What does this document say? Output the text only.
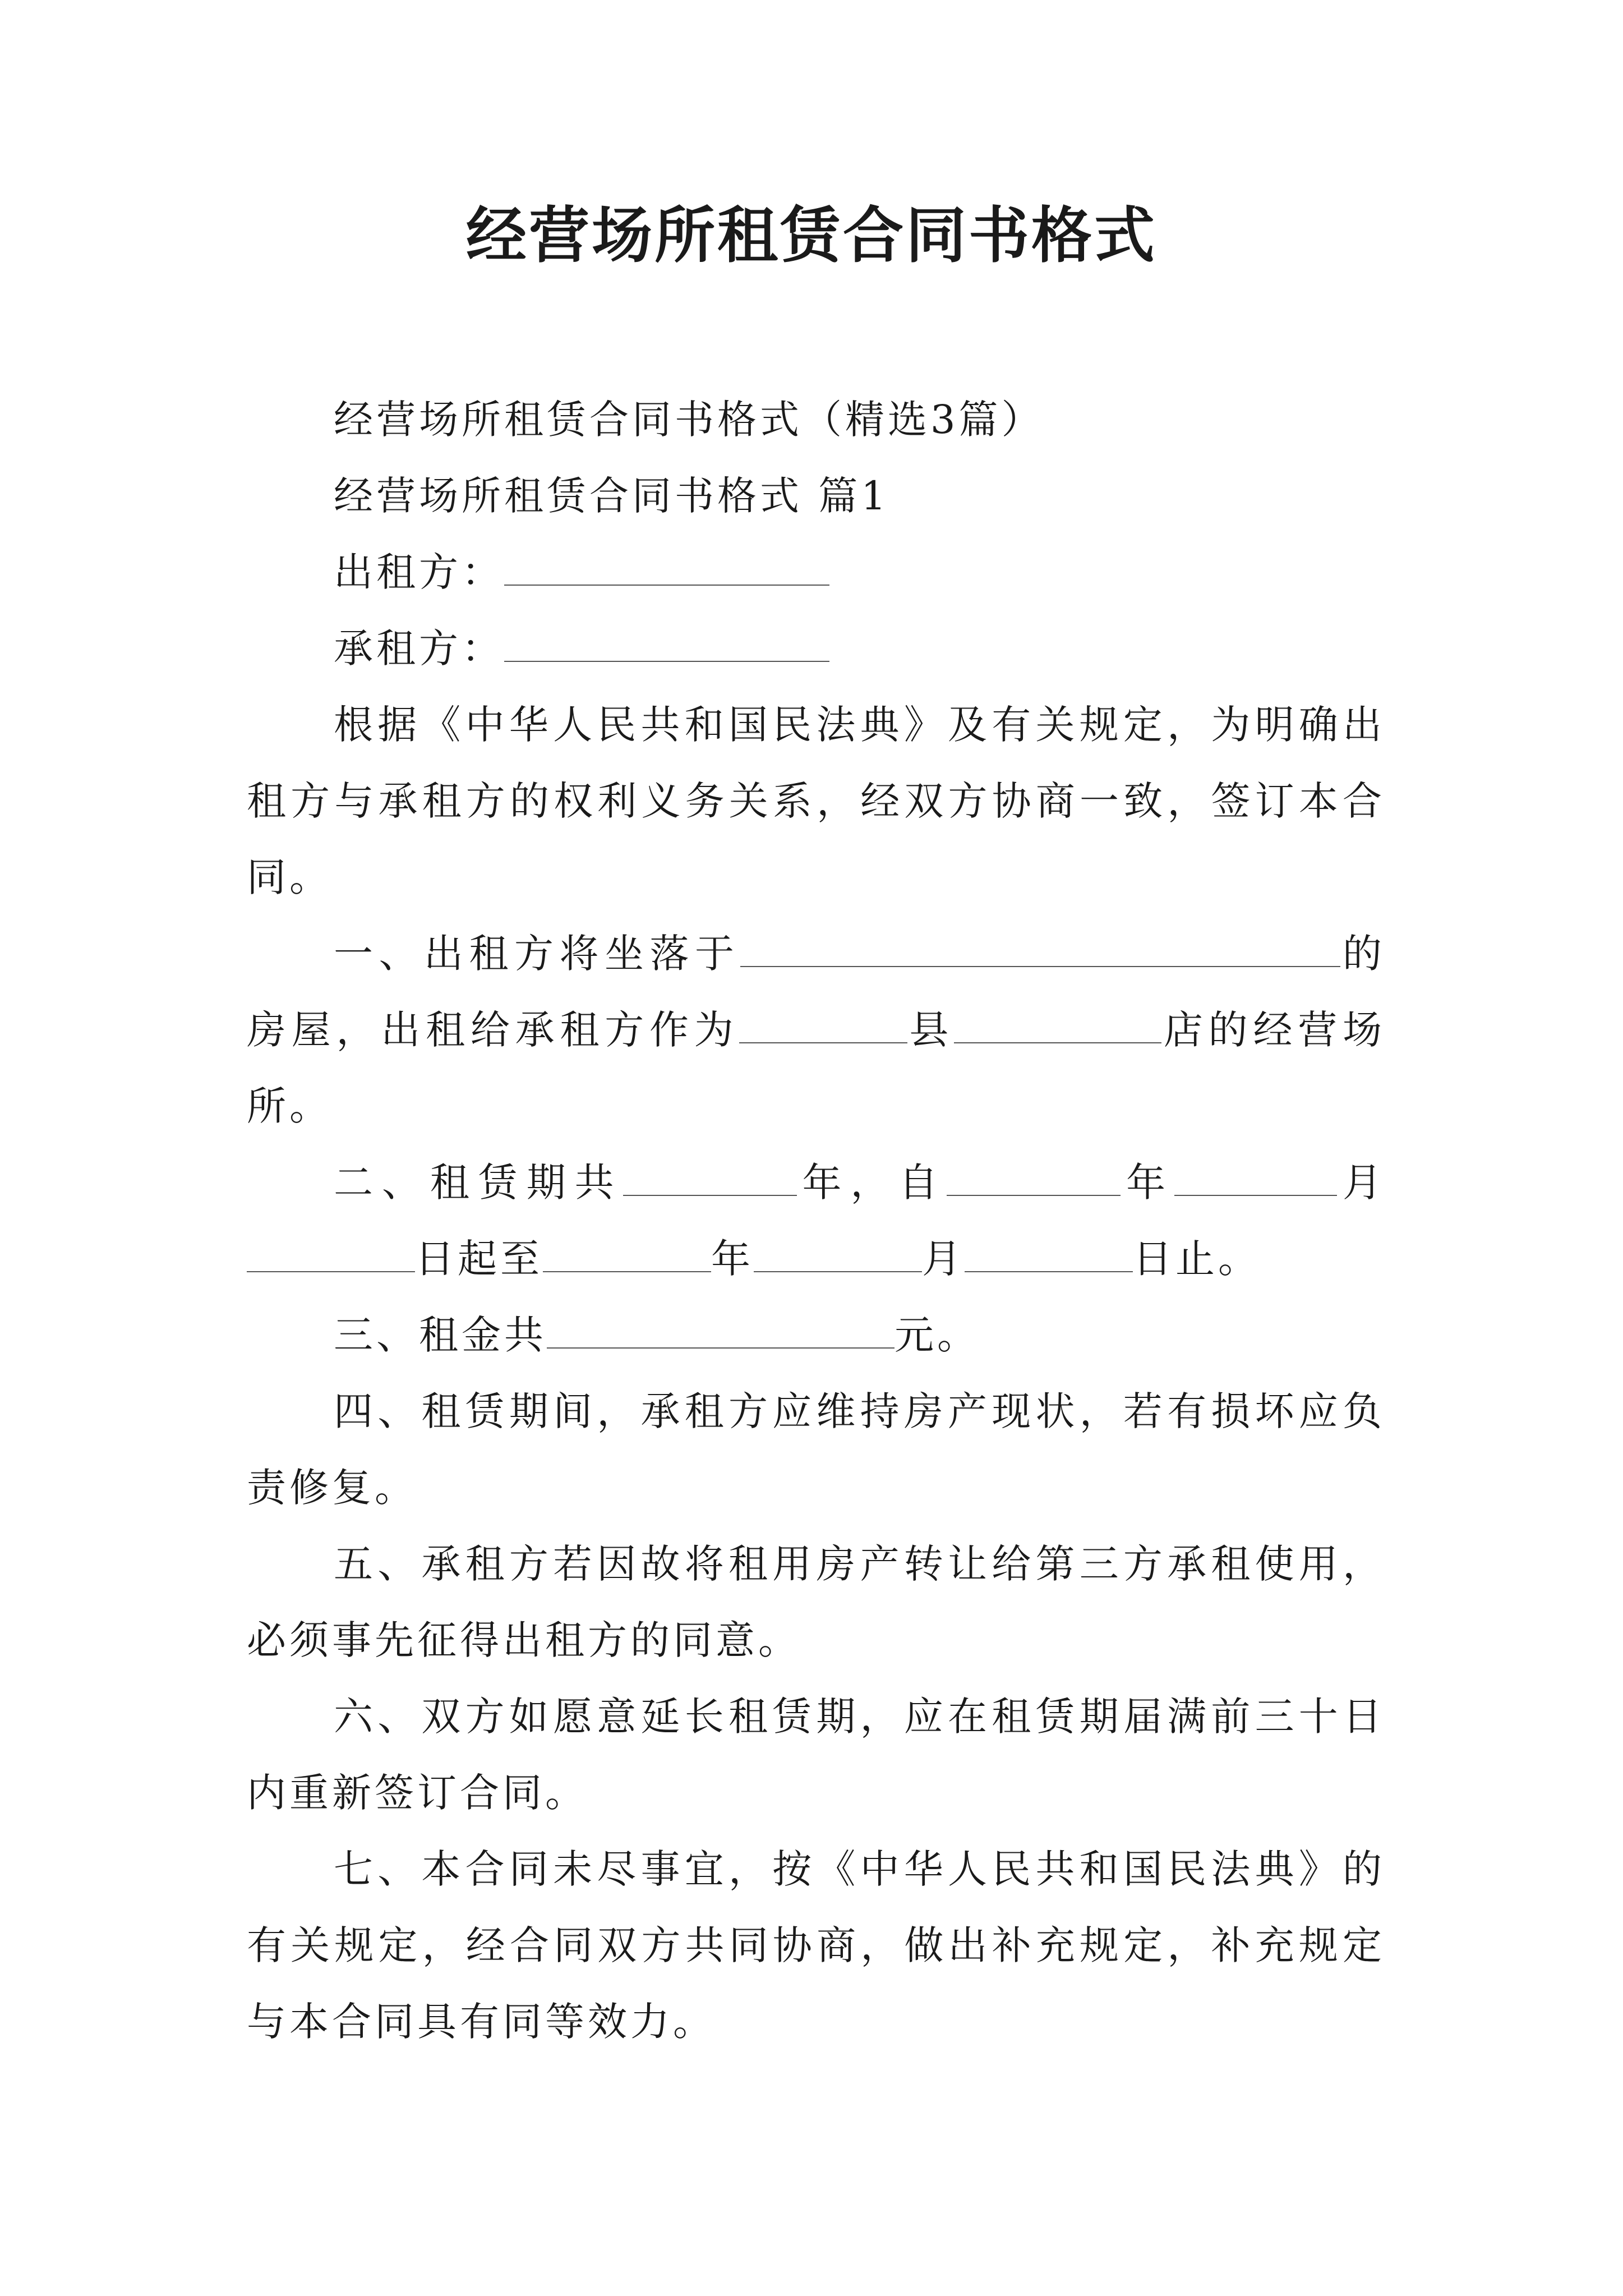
经营场所租赁合同书格式

经营场所租赁合同书格式（精选3篇）

经营场所租赁合同书格式 篇1

出租方：

承租方：

根据《中华人民共和国民法典》及有关规定，为明确出租方与承租方的权利义务关系，经双方协商一致，签订本合同。

一、出租方将坐落于	的房屋，出租给承租方作为	县	店的经营场所。

二、租赁期共	年，自	年	月日起至	年	月	日止。

三、租金共	元。

四、租赁期间，承租方应维持房产现状，若有损坏应负责修复。

五、承租方若因故将租用房产转让给第三方承租使用，必须事先征得出租方的同意。

六、双方如愿意延长租赁期，应在租赁期届满前三十日内重新签订合同。

七、本合同未尽事宜，按《中华人民共和国民法典》的有关规定，经合同双方共同协商，做出补充规定，补充规定与本合同具有同等效力。
